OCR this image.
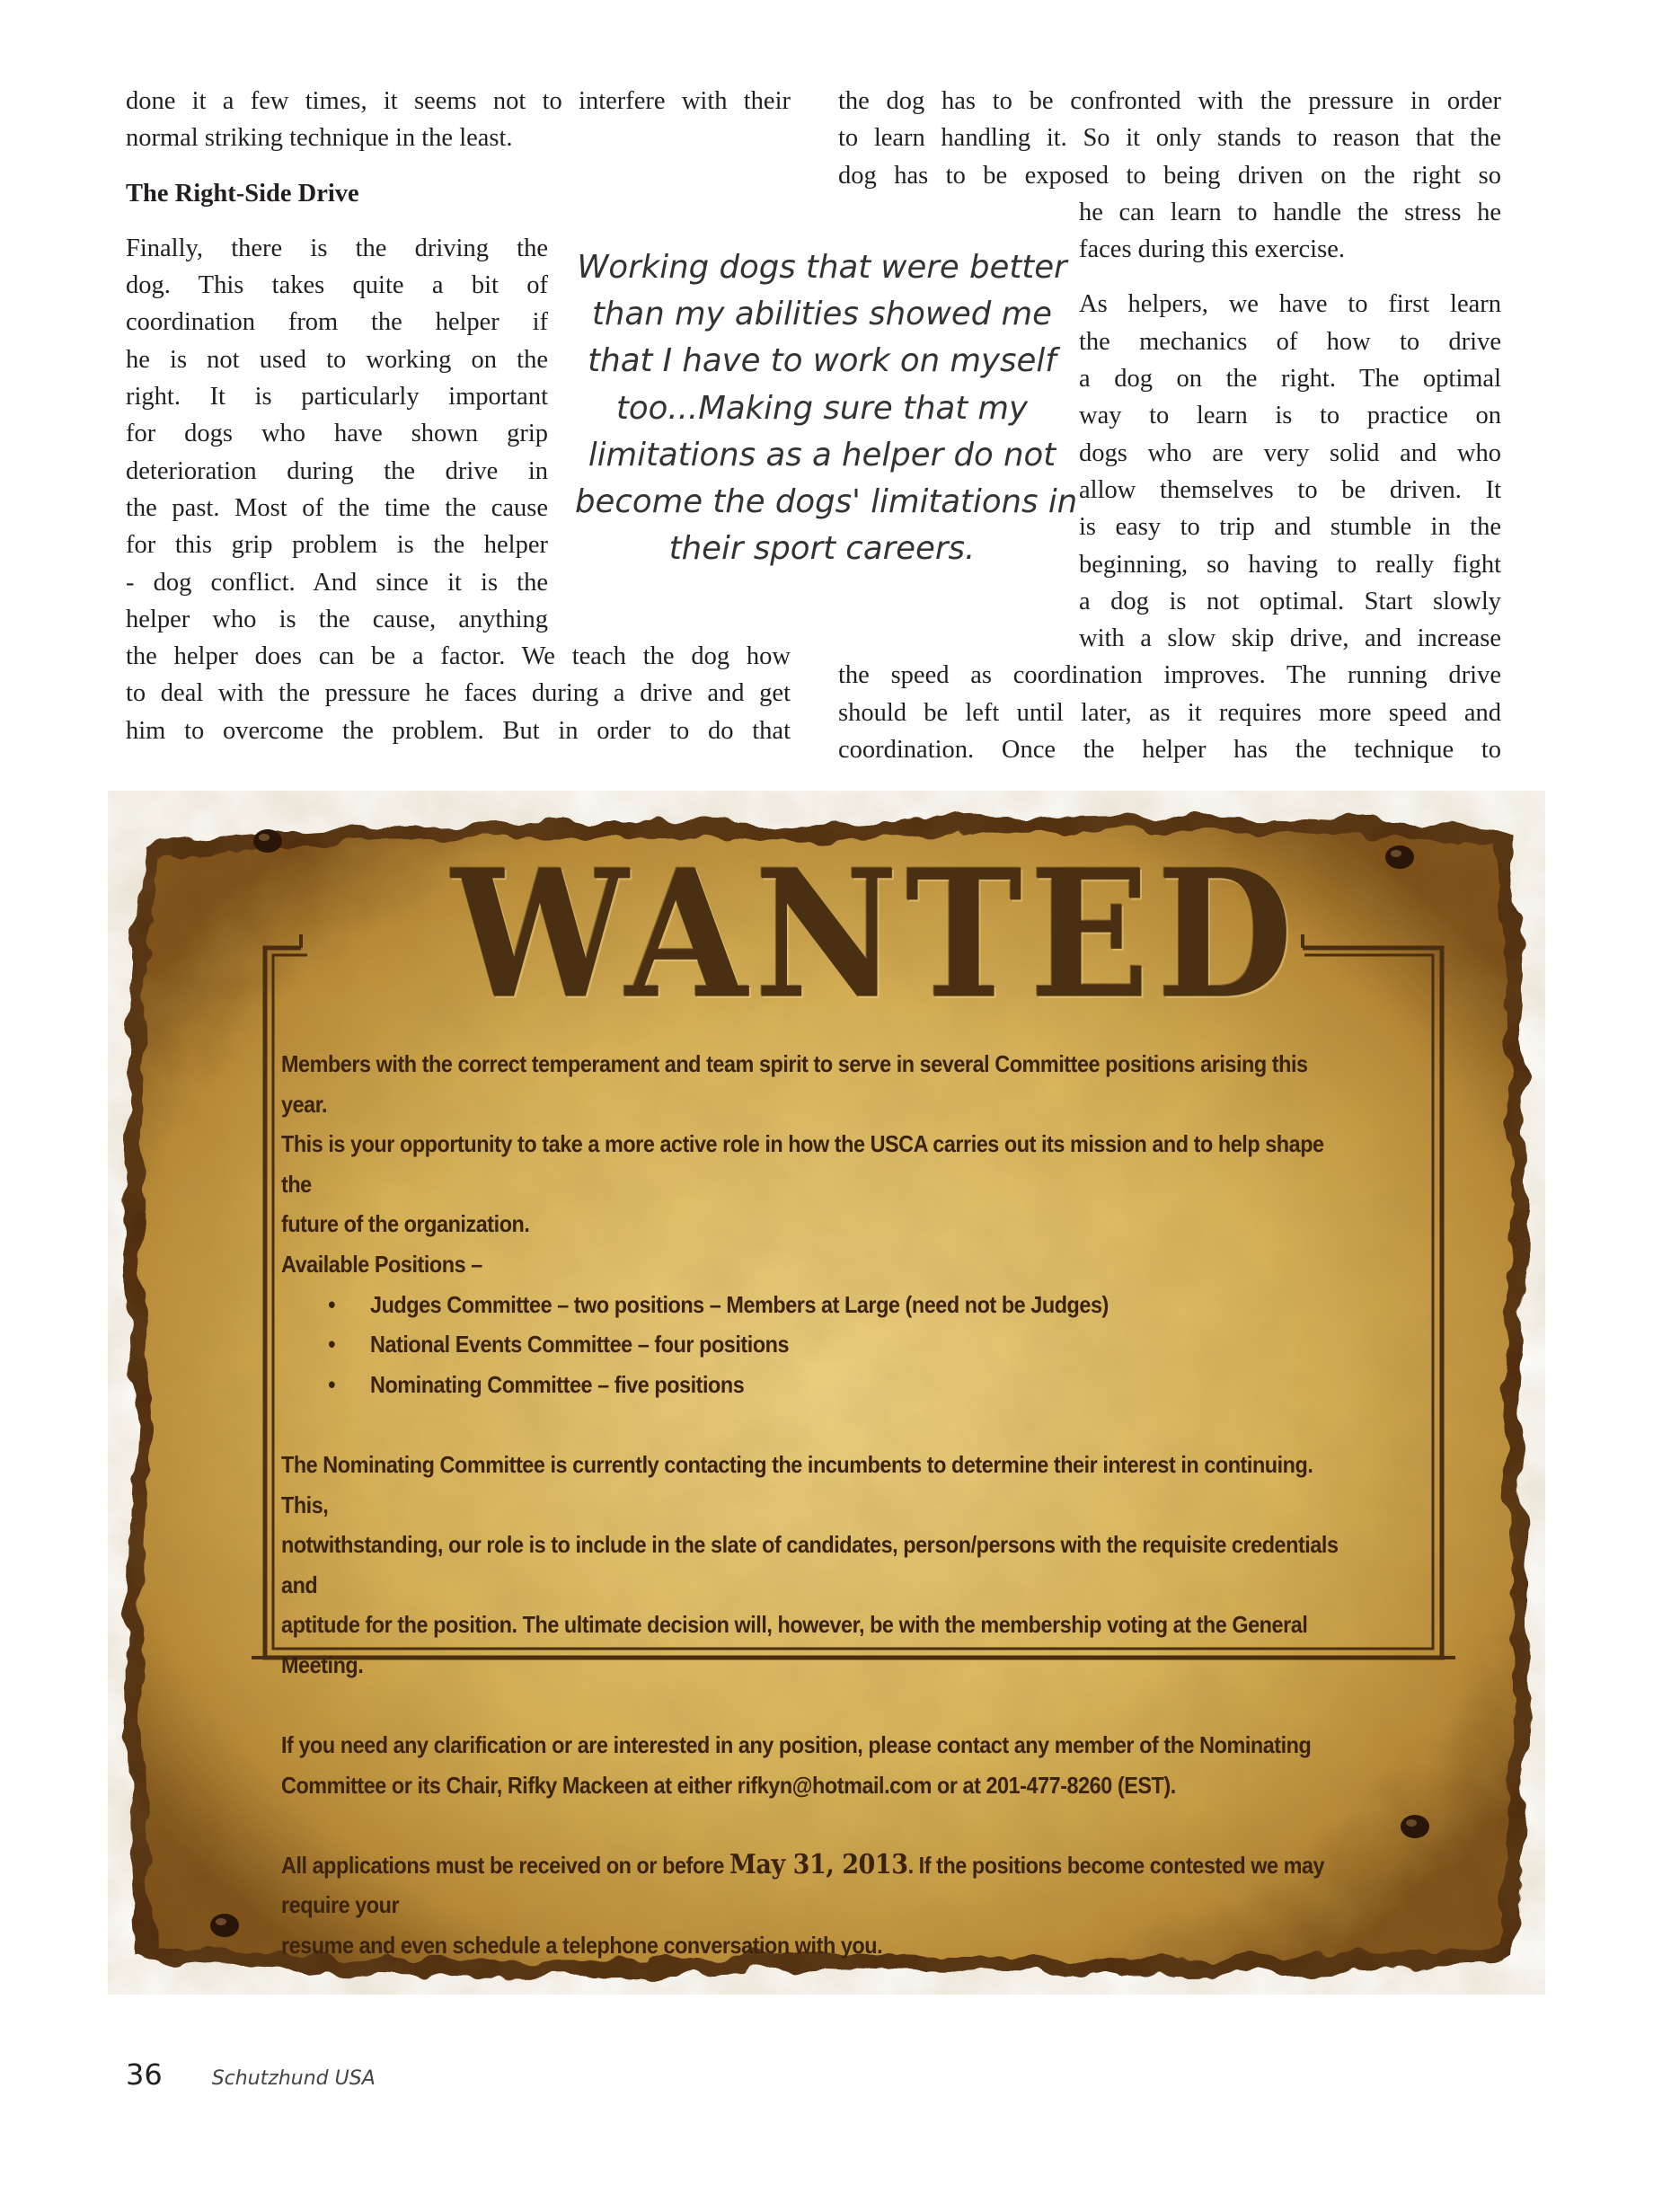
done it a few times, it seems not to interfere with their
normal striking technique in the least.

The Right-Side Drive

Finally, there is the driving the
dog. This takes quite a bit of
coordination from the helper if
he is not used to working on the
right. It is particularly important
for dogs who have shown grip
deterioration during the drive in
the past. Most of the time the cause
for this grip problem is the helper
- dog conflict. And since it is the
helper who is the cause, anything
the helper does can be a factor. We teach the dog how
to deal with the pressure he faces during a drive and get
him to overcome the problem. But in order to do that
Working dogs that were better
than my abilities showed me
that I have to work on myself
too...Making sure that my
limitations as a helper do not
become the dogs' limitations in
their sport careers.
the dog has to be confronted with the pressure in order
to learn handling it. So it only stands to reason that the
dog has to be exposed to being driven on the right so
he can learn to handle the stress he
faces during this exercise.
As helpers, we have to first learn
the mechanics of how to drive
a dog on the right. The optimal
way to learn is to practice on
dogs who are very solid and who
allow themselves to be driven. It
is easy to trip and stumble in the
beginning, so having to really fight
a dog is not optimal. Start slowly
with a slow skip drive, and increase
the speed as coordination improves. The running drive
should be left until later, as it requires more speed and
coordination. Once the helper has the technique to
WANTED

Members with the correct temperament and team spirit to serve in several Committee positions arising this year.

This is your opportunity to take a more active role in how the USCA carries out its mission and to help shape the

future of the organization.

Available Positions –

• Judges Committee – two positions – Members at Large (need not be Judges)
• National Events Committee – four positions
• Nominating Committee – five positions

The Nominating Committee is currently contacting the incumbents to determine their interest in continuing. This,

notwithstanding, our role is to include in the slate of candidates, person/persons with the requisite credentials and

aptitude for the position. The ultimate decision will, however, be with the membership voting at the General Meeting.

If you need any clarification or are interested in any position, please contact any member of the Nominating

Committee or its Chair, Rifky Mackeen at either rifkyn@hotmail.com or at 201-477-8260 (EST).

All applications must be received on or before May 31, 2013. If the positions become contested we may require your

resume and even schedule a telephone conversation with you.

36	Schutzhund USA
